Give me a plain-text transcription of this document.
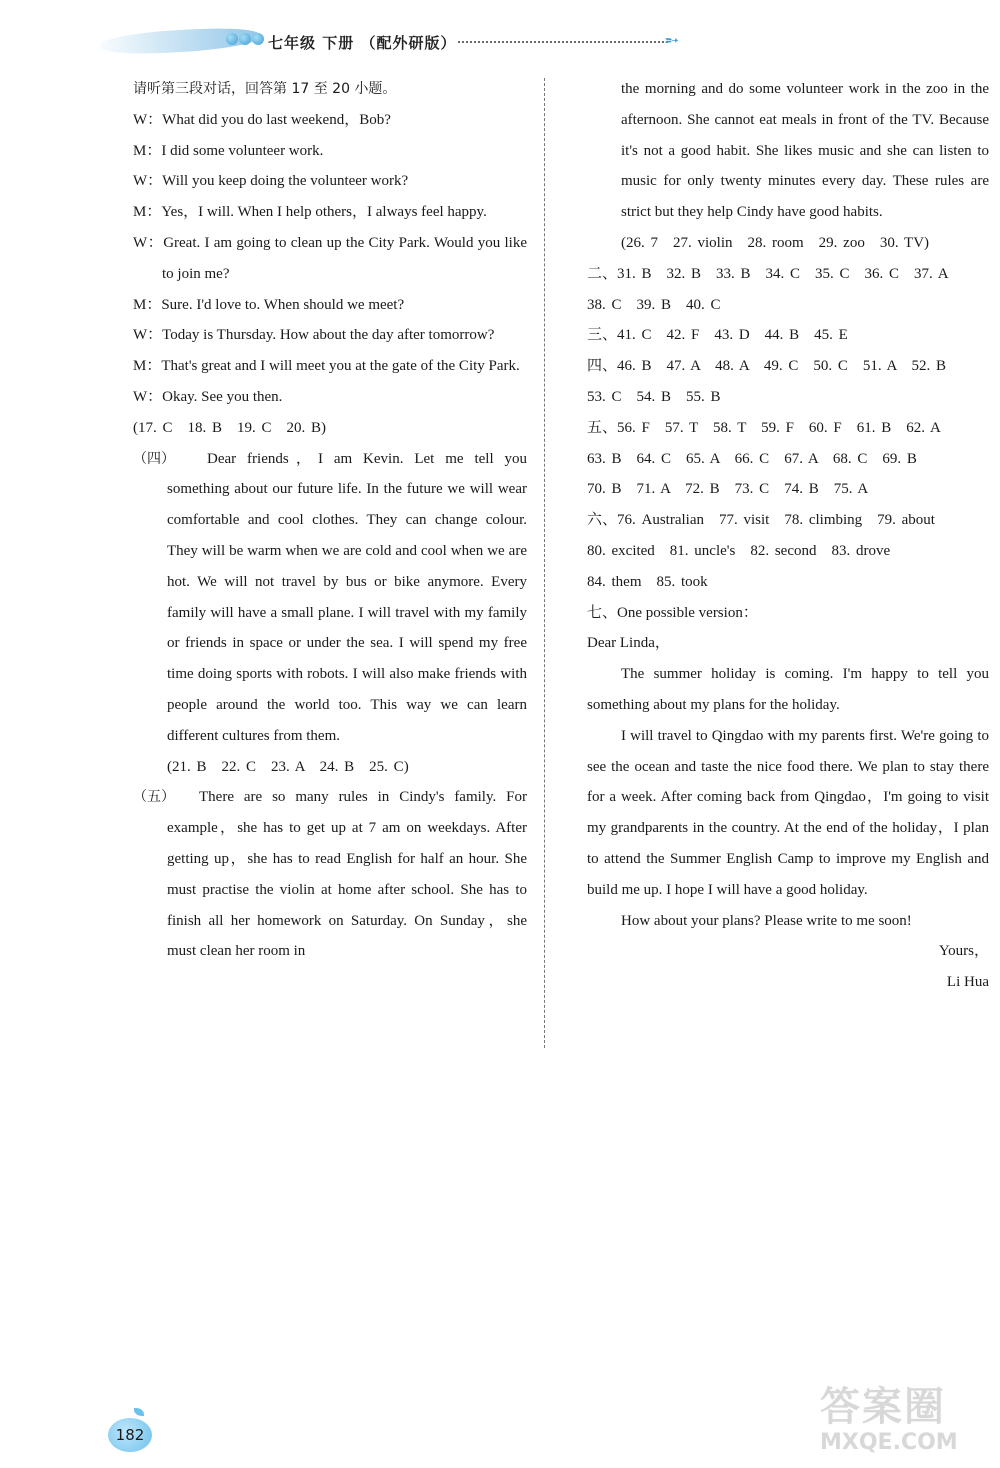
七年级 下册 （配外研版）	➵

请听第三段对话，回答第 17 至 20 小题。

W：What did you do last weekend，Bob?

M：I did some volunteer work.

W：Will you keep doing the volunteer work?

M：Yes，I will. When I help others，I always feel happy.

W：Great. I am going to clean up the City Park. Would you like to join me?

M：Sure. I'd love to. When should we meet?

W：Today is Thursday. How about the day after tomorrow?

M：That's great and I will meet you at the gate of the City Park.

W：Okay. See you then.

(17. C　18. B　19. C　20. B)

（四）	Dear friends，I am Kevin. Let me tell you something about our future life. In the future we will wear comfortable and cool clothes. They can change colour. They will be warm when we are cold and cool when we are hot. We will not travel by bus or bike anymore. Every family will have a small plane. I will travel with my family or friends in space or under the sea. I will spend my free time doing sports with robots. I will also make friends with people around the world too. This way we can learn different cultures from them.

(21. B　22. C　23. A　24. B　25. C)

（五）	There are so many rules in Cindy's family. For example，she has to get up at 7 am on weekdays. After getting up，she has to read English for half an hour. She must practise the violin at home after school. She has to finish all her homework on Saturday. On Sunday，she must clean her room in

the morning and do some volunteer work in the zoo in the afternoon. She cannot eat meals in front of the TV. Because it's not a good habit. She likes music and she can listen to music for only twenty minutes every day. These rules are strict but they help Cindy have good habits.

(26. 7　27. violin　28. room　29. zoo　30. TV)

二、31. B　32. B　33. B　34. C　35. C　36. C　37. A

38. C　39. B　40. C

三、41. C　42. F　43. D　44. B　45. E

四、46. B　47. A　48. A　49. C　50. C　51. A　52. B

53. C　54. B　55. B

五、56. F　57. T　58. T　59. F　60. F　61. B　62. A

63. B　64. C　65. A　66. C　67. A　68. C　69. B

70. B　71. A　72. B　73. C　74. B　75. A

六、76. Australian　77. visit　78. climbing　79. about

80. excited　81. uncle's　82. second　83. drove

84. them　85. took

七、One possible version：

Dear Linda，

The summer holiday is coming. I'm happy to tell you something about my plans for the holiday.

I will travel to Qingdao with my parents first. We're going to see the ocean and taste the nice food there. We plan to stay there for a week. After coming back from Qingdao，I'm going to visit my grandparents in the country. At the end of the holiday，I plan to attend the Summer English Camp to improve my English and build me up. I hope I will have a good holiday.

How about your plans? Please write to me soon!

Yours，

Li Hua

182
答案圈
MXQE.COM
